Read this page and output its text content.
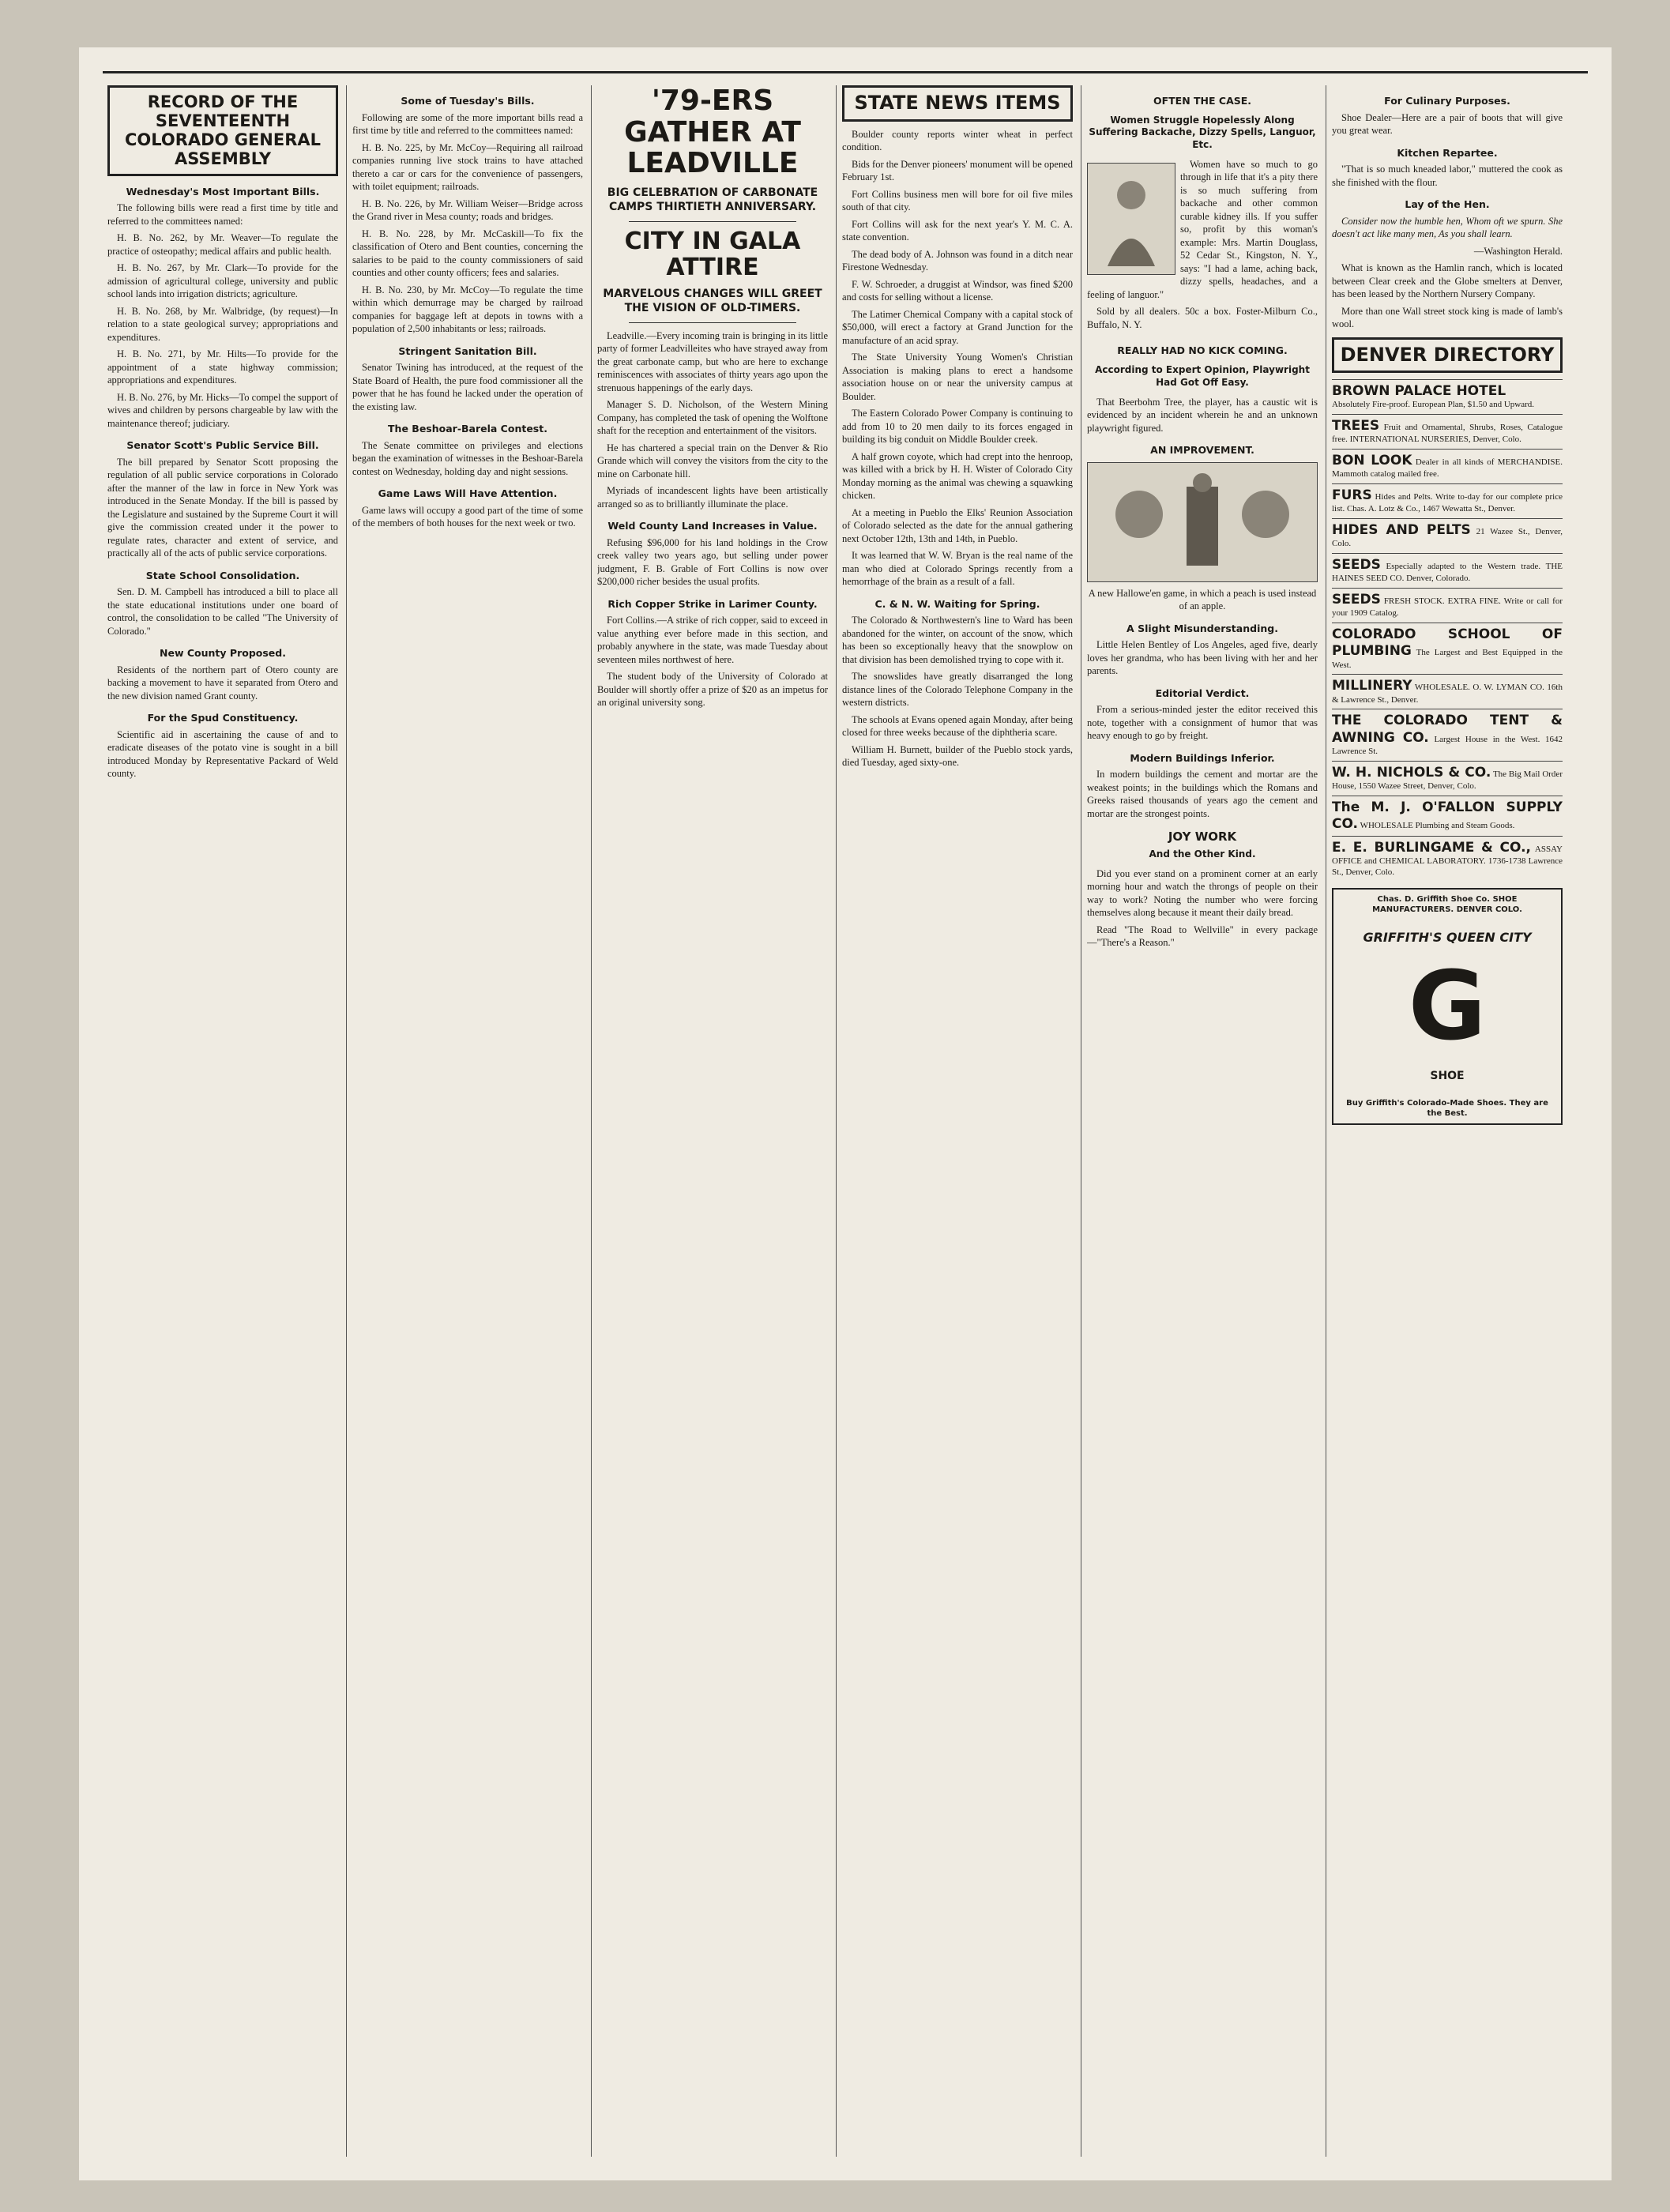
RECORD OF THE SEVENTEENTH COLORADO GENERAL ASSEMBLY
Wednesday's Most Important Bills.

The following bills were read a first time by title and referred to the committees named:

H. B. No. 262, by Mr. Weaver—To regulate the practice of osteopathy; medical affairs and public health.

H. B. No. 267, by Mr. Clark—To provide for the admission of agricultural college, university and public school lands into irrigation districts; agriculture.

H. B. No. 268, by Mr. Walbridge, (by request)—In relation to a state geological survey; appropriations and expenditures.

H. B. No. 271, by Mr. Hilts—To provide for the appointment of a state highway commission; appropriations and expenditures.

H. B. No. 276, by Mr. Hicks—To compel the support of wives and children by persons chargeable by law with the maintenance thereof; judiciary.

Senator Scott's Public Service Bill.

The bill prepared by Senator Scott proposing the regulation of all public service corporations in Colorado after the manner of the law in force in New York was introduced in the Senate Monday. If the bill is passed by the Legislature and sustained by the Supreme Court it will give the commission created under it the power to regulate rates, character and extent of service, and practically all of the acts of public service corporations.

State School Consolidation.

Sen. D. M. Campbell has introduced a bill to place all the state educational institutions under one board of control, the consolidation to be called "The University of Colorado."

New County Proposed.

Residents of the northern part of Otero county are backing a movement to have it separated from Otero and the new division named Grant county.

For the Spud Constituency.

Scientific aid in ascertaining the cause of and to eradicate diseases of the potato vine is sought in a bill introduced Monday by Representative Packard of Weld county.

Some of Tuesday's Bills.

Following are some of the more important bills read a first time by title and referred to the committees named:

H. B. No. 225, by Mr. McCoy—Requiring all railroad companies running live stock trains to have attached thereto a car or cars for the convenience of passengers, with toilet equipment; railroads.

H. B. No. 226, by Mr. William Weiser—Bridge across the Grand river in Mesa county; roads and bridges.

H. B. No. 228, by Mr. McCaskill—To fix the classification of Otero and Bent counties, concerning the salaries to be paid to the county commissioners of said counties and other county officers; fees and salaries.

H. B. No. 230, by Mr. McCoy—To regulate the time within which demurrage may be charged by railroad companies for baggage left at depots in towns with a population of 2,500 inhabitants or less; railroads.

Stringent Sanitation Bill.

Senator Twining has introduced, at the request of the State Board of Health, the pure food commissioner all the power that he has found he lacked under the operation of the existing law.

The Beshoar-Barela Contest.

The Senate committee on privileges and elections began the examination of witnesses in the Beshoar-Barela contest on Wednesday, holding day and night sessions.

Game Laws Will Have Attention.

Game laws will occupy a good part of the time of some of the members of both houses for the next week or two.

'79-ERS GATHER AT LEADVILLE
BIG CELEBRATION OF CARBONATE CAMPS THIRTIETH ANNIVERSARY.
CITY IN GALA ATTIRE
MARVELOUS CHANGES WILL GREET THE VISION OF OLD-TIMERS.

Leadville.—Every incoming train is bringing in its little party of former Leadvilleites who have strayed away from the great carbonate camp, but who are here to exchange reminiscences with associates of thirty years ago upon the strenuous happenings of the early days.

Manager S. D. Nicholson, of the Western Mining Company, has completed the task of opening the Wolftone shaft for the reception and entertainment of the visitors.

He has chartered a special train on the Denver & Rio Grande which will convey the visitors from the city to the mine on Carbonate hill.

Myriads of incandescent lights have been artistically arranged so as to brilliantly illuminate the place.

Weld County Land Increases in Value.

Refusing $96,000 for his land holdings in the Crow creek valley two years ago, but selling under power judgment, F. B. Grable of Fort Collins is now over $200,000 richer besides the usual profits.

Rich Copper Strike in Larimer County.

Fort Collins.—A strike of rich copper, said to exceed in value anything ever before made in this section, and probably anywhere in the state, was made Tuesday about seventeen miles northwest of here.

The student body of the University of Colorado at Boulder will shortly offer a prize of $20 as an impetus for an original university song.

STATE NEWS ITEMS

Boulder county reports winter wheat in perfect condition.

Bids for the Denver pioneers' monument will be opened February 1st.

Fort Collins business men will bore for oil five miles south of that city.

Fort Collins will ask for the next year's Y. M. C. A. state convention.

The dead body of A. Johnson was found in a ditch near Firestone Wednesday.

F. W. Schroeder, a druggist at Windsor, was fined $200 and costs for selling without a license.

The Latimer Chemical Company with a capital stock of $50,000, will erect a factory at Grand Junction for the manufacture of an acid spray.

The State University Young Women's Christian Association is making plans to erect a handsome association house on or near the university campus at Boulder.

The Eastern Colorado Power Company is continuing to add from 10 to 20 men daily to its forces engaged in building its big conduit on Middle Boulder creek.

A half grown coyote, which had crept into the henroop, was killed with a brick by H. H. Wister of Colorado City Monday morning as the animal was chewing a squawking chicken.

At a meeting in Pueblo the Elks' Reunion Association of Colorado selected as the date for the annual gathering next October 12th, 13th and 14th, in Pueblo.

It was learned that W. W. Bryan is the real name of the man who died at Colorado Springs recently from a hemorrhage of the brain as a result of a fall.

C. & N. W. Waiting for Spring.

The Colorado & Northwestern's line to Ward has been abandoned for the winter, on account of the snow, which has been so exceptionally heavy that the snowplow on that division has been demolished trying to cope with it.

The snowslides have greatly disarranged the long distance lines of the Colorado Telephone Company in the western districts.

The schools at Evans opened again Monday, after being closed for three weeks because of the diphtheria scare.

William H. Burnett, builder of the Pueblo stock yards, died Tuesday, aged sixty-one.

OFTEN THE CASE.
Women Struggle Hopelessly Along Suffering Backache, Dizzy Spells, Languor, Etc.

Women have so much to go through in life that it's a pity there is so much suffering from backache and other common curable kidney ills. If you suffer so, profit by this woman's example: Mrs. Martin Douglass, 52 Cedar St., Kingston, N. Y., says: "I had a lame, aching back, dizzy spells, headaches, and a feeling of languor."

Sold by all dealers. 50c a box. Foster-Milburn Co., Buffalo, N. Y.

REALLY HAD NO KICK COMING.
According to Expert Opinion, Playwright Had Got Off Easy.

That Beerbohm Tree, the player, has a caustic wit is evidenced by an incident wherein he and an unknown playwright figured.

AN IMPROVEMENT.

A new Hallowe'en game, in which a peach is used instead of an apple.

A Slight Misunderstanding.

Little Helen Bentley of Los Angeles, aged five, dearly loves her grandma, who has been living with her and her parents.

Editorial Verdict.

From a serious-minded jester the editor received this note, together with a consignment of humor that was heavy enough to go by freight.

Modern Buildings Inferior.

In modern buildings the cement and mortar are the weakest points; in the buildings which the Romans and Greeks raised thousands of years ago the cement and mortar are the strongest points.

JOY WORK
And the Other Kind.

Did you ever stand on a prominent corner at an early morning hour and watch the throngs of people on their way to work? Noting the number who were forcing themselves along because it meant their daily bread.

Read "The Road to Wellville" in every package—"There's a Reason."

For Culinary Purposes.

Shoe Dealer—Here are a pair of boots that will give you great wear.

Kitchen Repartee.

"That is so much kneaded labor," muttered the cook as she finished with the flour.

Lay of the Hen.

Consider now the humble hen, Whom oft we spurn. She doesn't act like many men, As you shall learn.

—Washington Herald.

What is known as the Hamlin ranch, which is located between Clear creek and the Globe smelters at Denver, has been leased by the Northern Nursery Company.

More than one Wall street stock king is made of lamb's wool.

DENVER DIRECTORY
BROWN PALACE HOTEL
Absolutely Fire-proof. European Plan, $1.50 and Upward.
TREES Fruit and Ornamental, Shrubs, Roses, Catalogue free. INTERNATIONAL NURSERIES, Denver, Colo.
BON LOOK Dealer in all kinds of MERCHANDISE. Mammoth catalog mailed free.
FURS Hides and Pelts. Write to-day for our complete price list. Chas. A. Lotz & Co., 1467 Wewatta St., Denver.
HIDES AND PELTS 21 Wazee St., Denver, Colo.
SEEDS Especially adapted to the Western trade. THE HAINES SEED CO. Denver, Colorado.
SEEDS FRESH STOCK. EXTRA FINE. Write or call for your 1909 Catalog.
COLORADO SCHOOL OF PLUMBING The Largest and Best Equipped in the West.
MILLINERY WHOLESALE. O. W. LYMAN CO. 16th & Lawrence St., Denver.
THE COLORADO TENT & AWNING CO. Largest House in the West. 1642 Lawrence St.
W. H. NICHOLS & CO. The Big Mail Order House, 1550 Wazee Street, Denver, Colo.
The M. J. O'FALLON SUPPLY CO. WHOLESALE Plumbing and Steam Goods.
E. E. BURLINGAME & CO., ASSAY OFFICE and CHEMICAL LABORATORY. 1736-1738 Lawrence St., Denver, Colo.
Chas. D. Griffith Shoe Co. SHOE MANUFACTURERS. DENVER COLO.
GRIFFITH'S QUEEN CITY
G
SHOE
Buy Griffith's Colorado-Made Shoes. They are the Best.
